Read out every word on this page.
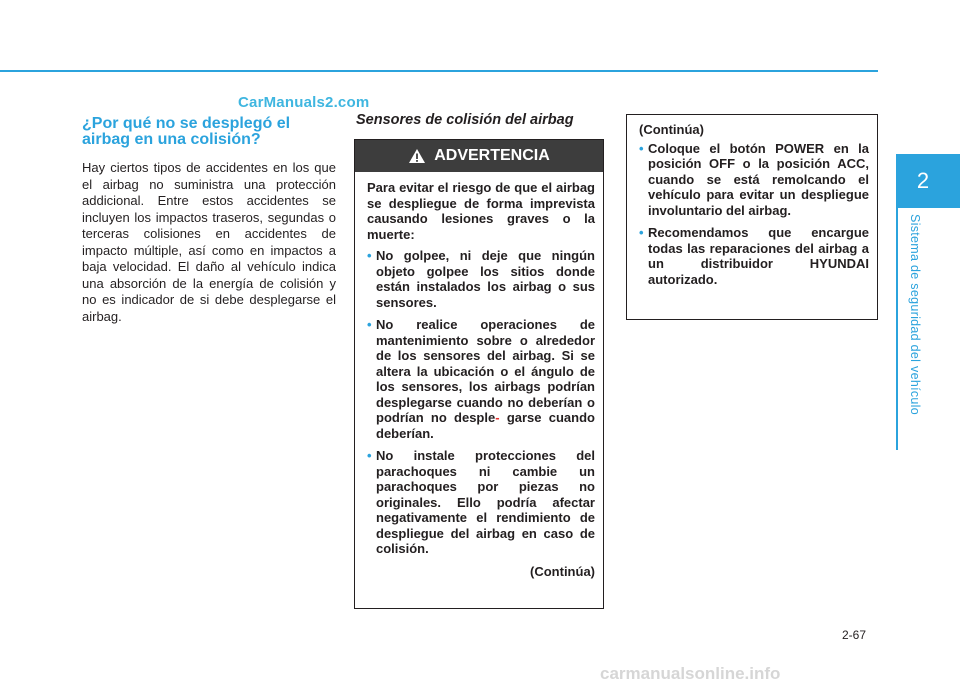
CarManuals2.com
¿Por qué no se desplegó el airbag en una colisión?

Hay ciertos tipos de accidentes en los que el airbag no suministra una protección addicional. Entre estos accidentes se incluyen los impactos traseros, segundas o terceras colisiones en accidentes de impacto múltiple, así como en impactos a baja velocidad. El daño al vehículo indica una absorción de la energía de colisión y no es indicador de si debe desplegarse el airbag.

Sensores de colisión del airbag
ADVERTENCIA

Para evitar el riesgo de que el airbag se despliegue de forma imprevista causando lesiones graves o la muerte:

• No golpee, ni deje que ningún objeto golpee los sitios donde están instalados los airbag o sus sensores.
• No realice operaciones de mantenimiento sobre o alrededor de los sensores del airbag. Si se altera la ubicación o el ángulo de los sensores, los airbags podrían desplegarse cuando no deberían o podrían no desple- garse cuando deberían.
• No instale protecciones del parachoques ni cambie un parachoques por piezas no originales. Ello podría afectar negativamente el rendimiento de despliegue del airbag en caso de colisión.
(Continúa)

(Continúa)

• Coloque el botón POWER en la posición OFF o la posición ACC, cuando se está remolcando el vehículo para evitar un despliegue involuntario del airbag.
• Recomendamos que encargue todas las reparaciones del airbag a un distribuidor HYUNDAI autorizado.
2
Sistema de seguridad del vehículo
2-67
carmanualsonline.info
